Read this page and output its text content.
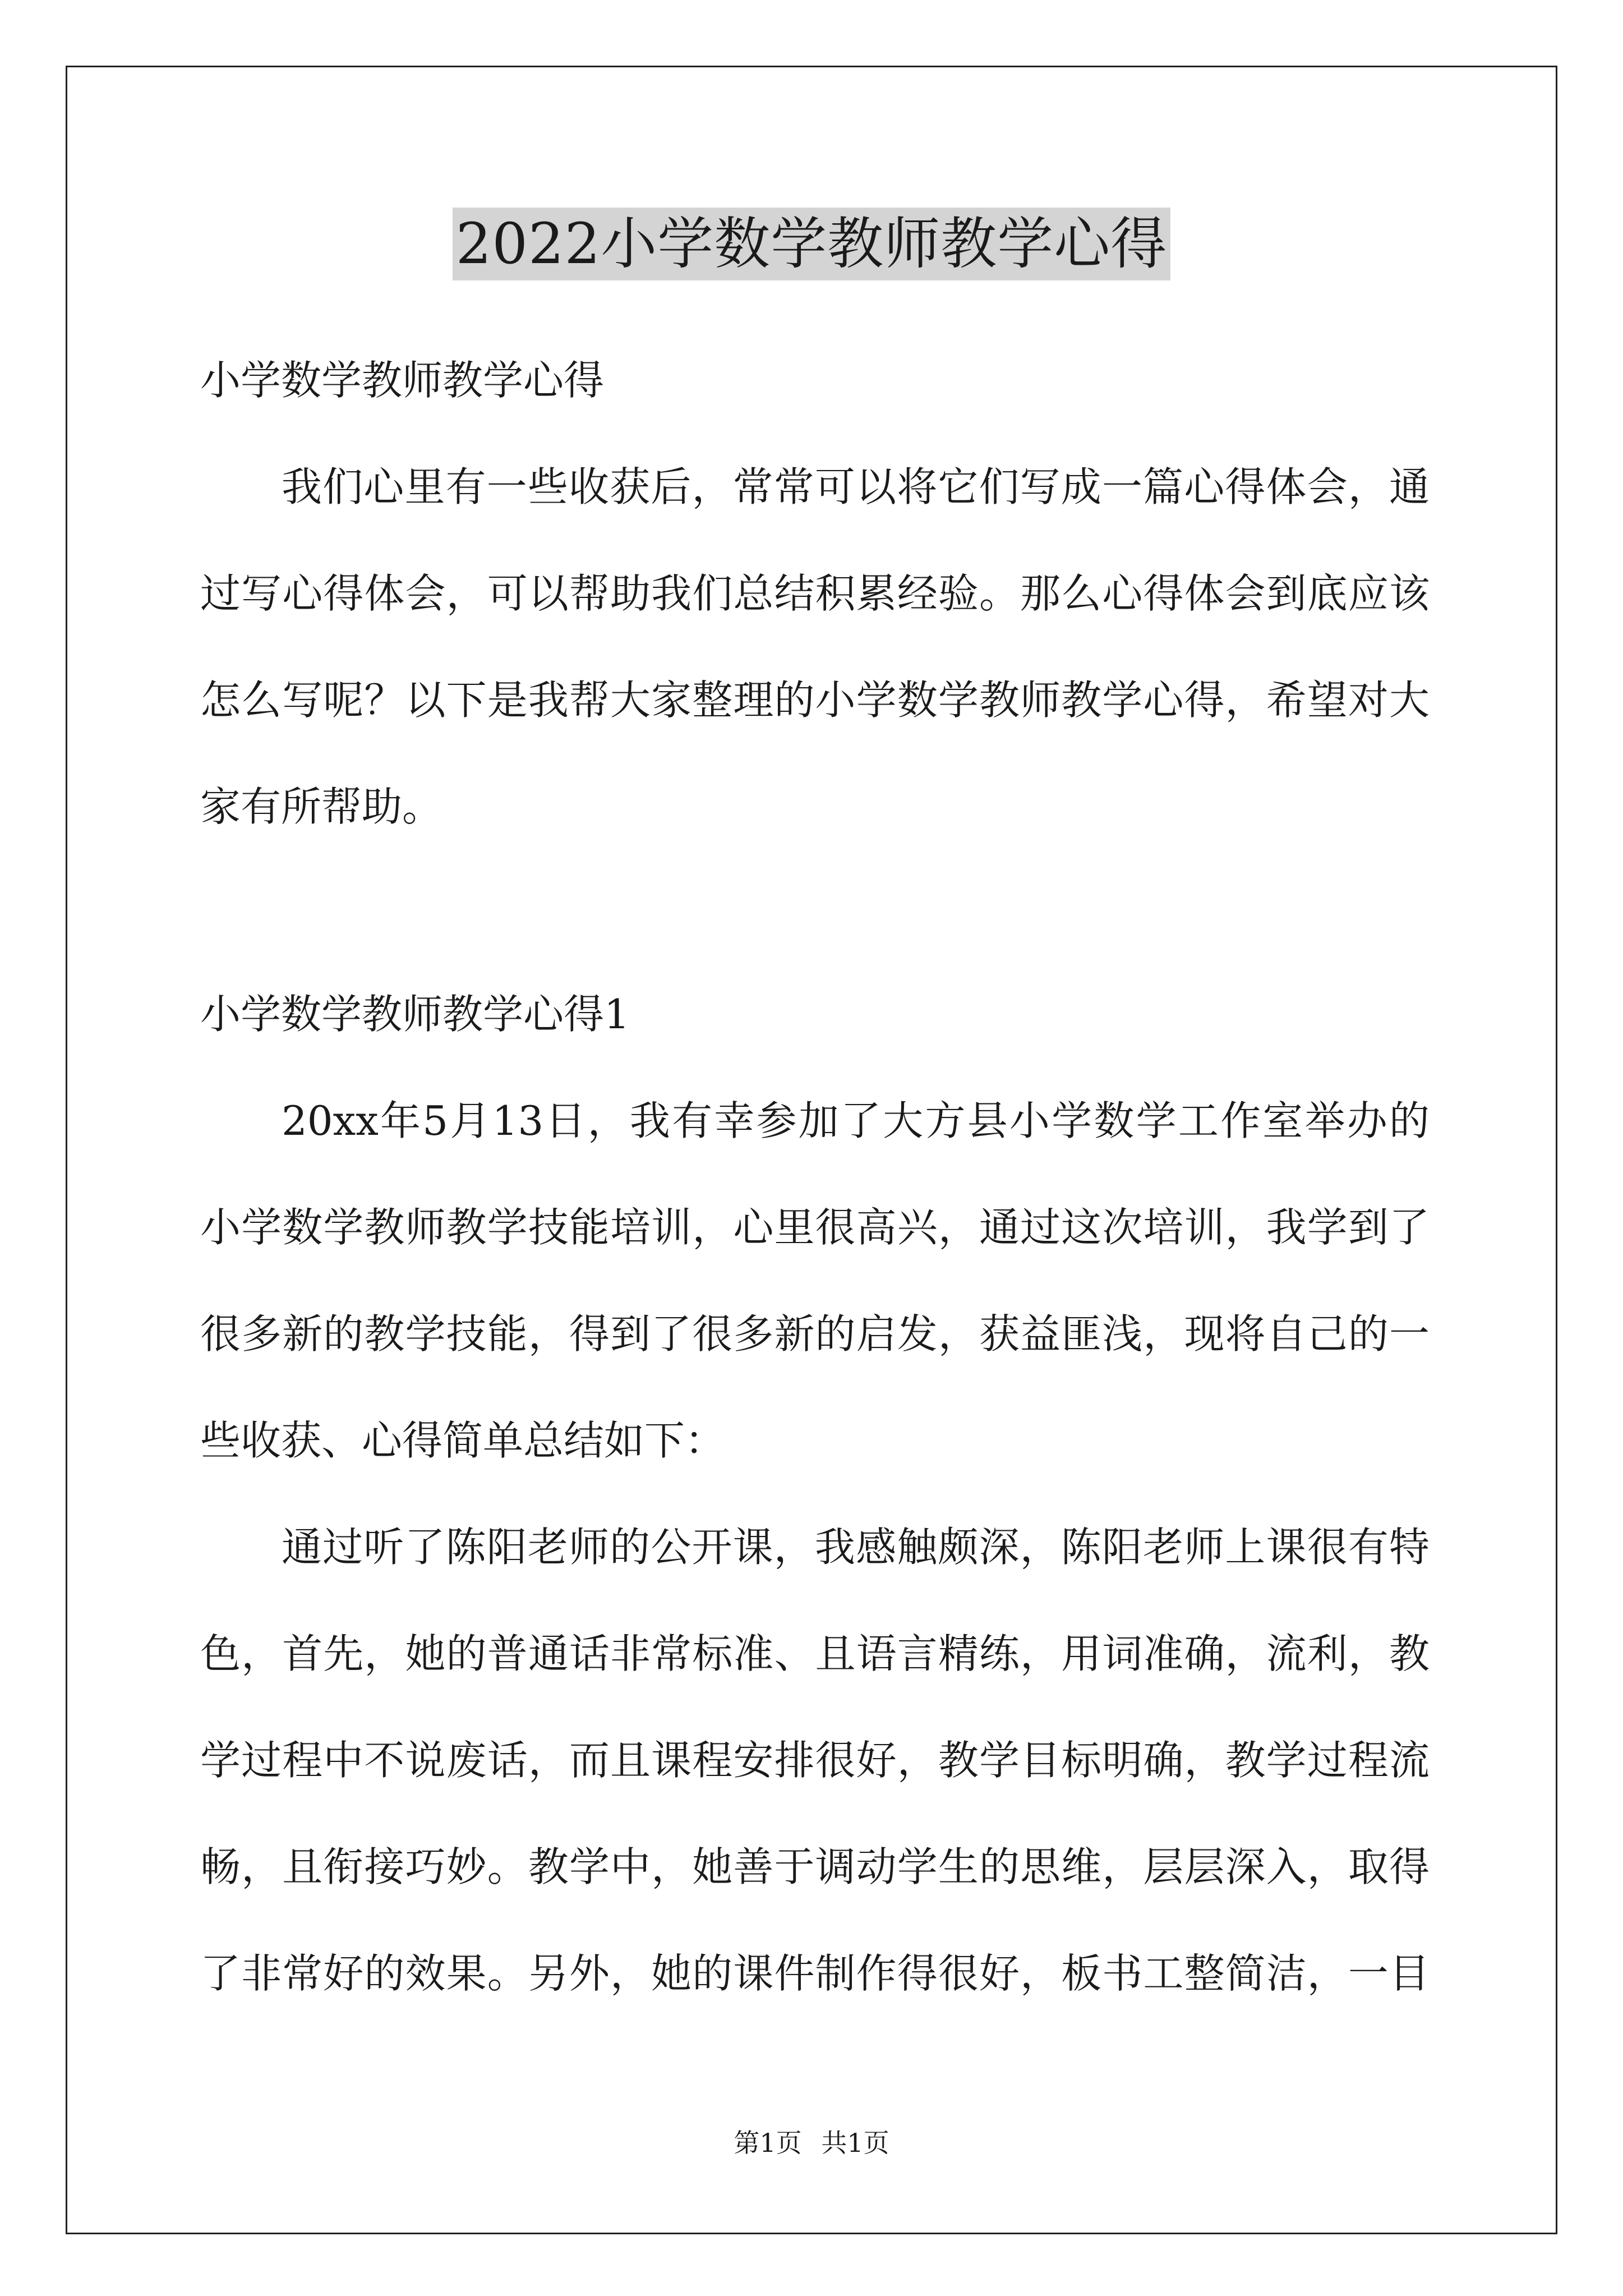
2022小学数学教师教学心得
小学数学教师教学心得
我们心里有一些收获后，常常可以将它们写成一篇心得体会，通
过写心得体会，可以帮助我们总结积累经验。那么心得体会到底应该
怎么写呢？以下是我帮大家整理的小学数学教师教学心得，希望对大
家有所帮助。
小学数学教师教学心得1
20xx年5月13日，我有幸参加了大方县小学数学工作室举办的
小学数学教师教学技能培训，心里很高兴，通过这次培训，我学到了
很多新的教学技能，得到了很多新的启发，获益匪浅，现将自己的一
些收获、心得简单总结如下：
通过听了陈阳老师的公开课，我感触颇深，陈阳老师上课很有特
色，首先，她的普通话非常标准、且语言精练，用词准确，流利，教
学过程中不说废话，而且课程安排很好，教学目标明确，教学过程流
畅，且衔接巧妙。教学中，她善于调动学生的思维，层层深入，取得
了非常好的效果。另外，她的课件制作得很好，板书工整简洁，一目
第1页 共1页
